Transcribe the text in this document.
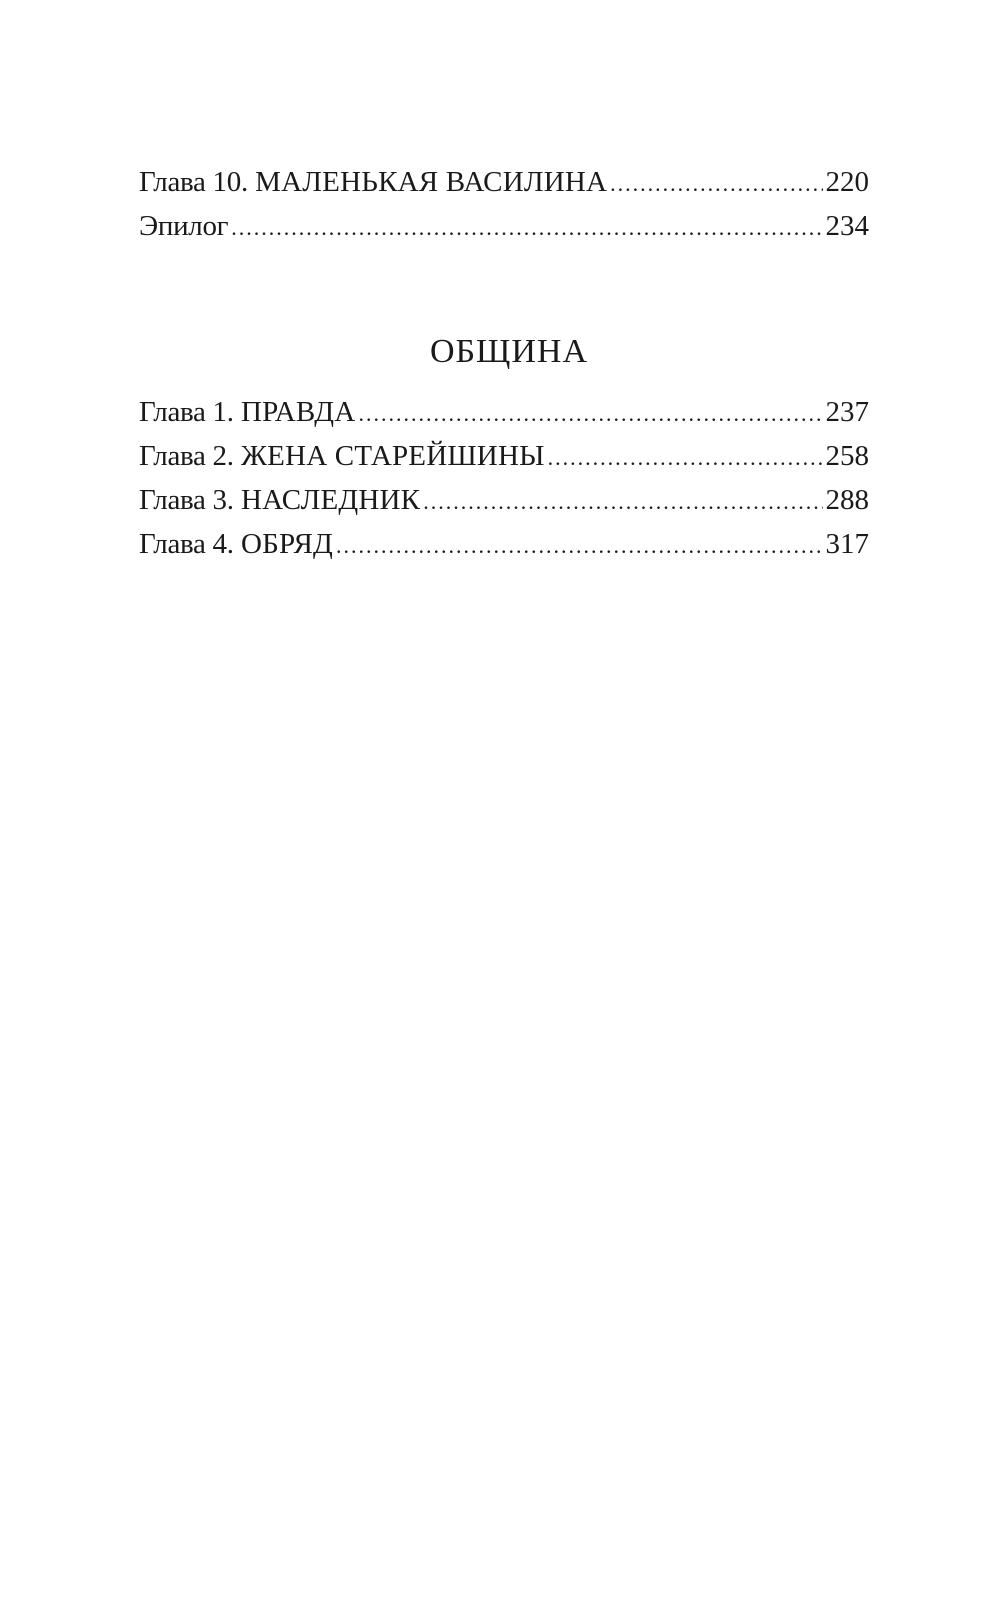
Глава 10. МАЛЕНЬКАЯ ВАСИЛИНА .....	220
Эпилог .....	234
ОБЩИНА
Глава 1. ПРАВДА .....	237
Глава 2. ЖЕНА СТАРЕЙШИНЫ .....	258
Глава 3. НАСЛЕДНИК .....	288
Глава 4. ОБРЯД .....	317
